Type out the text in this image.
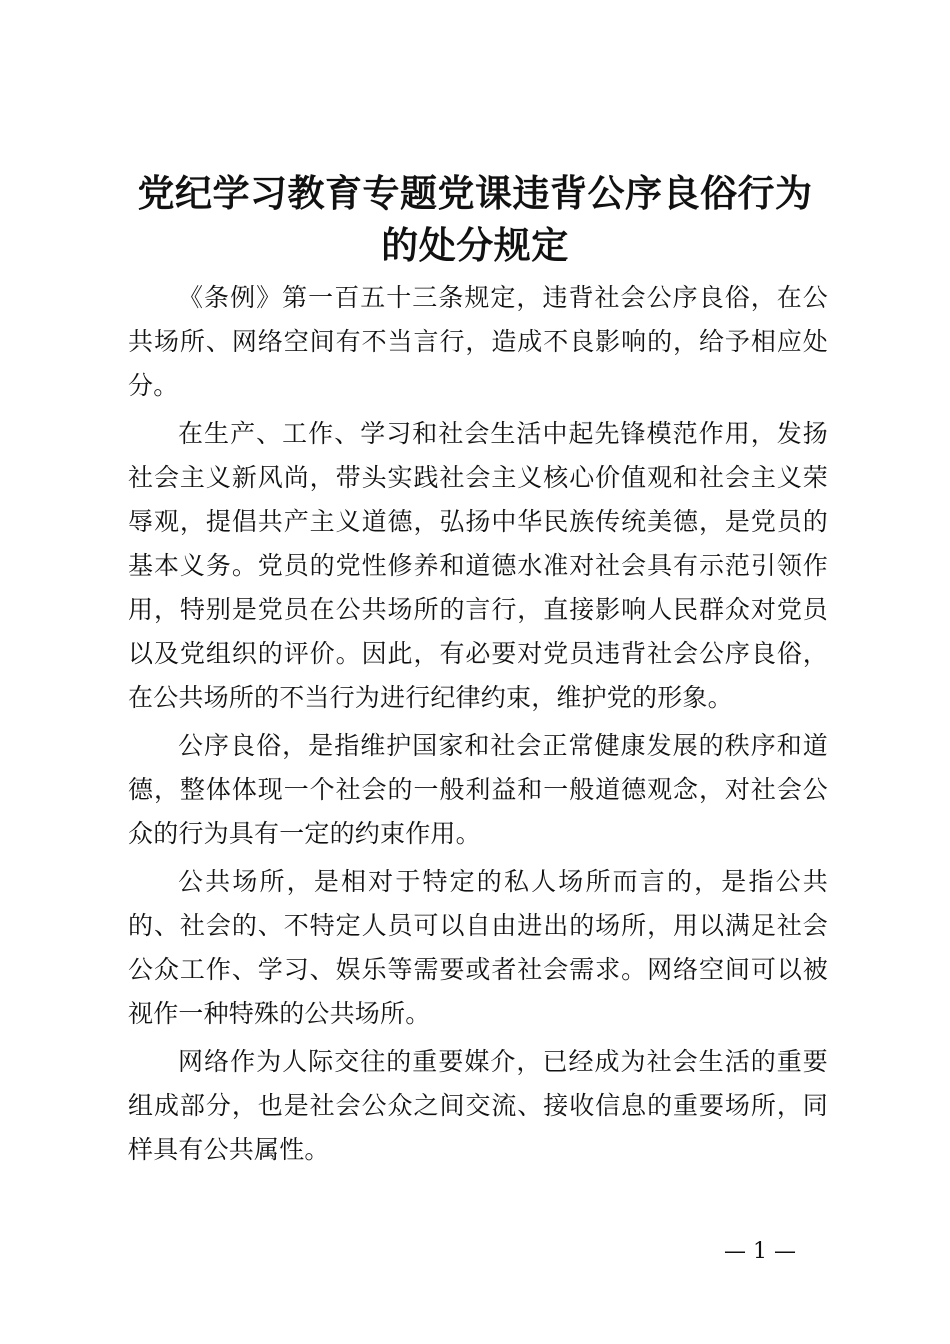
党纪学习教育专题党课违背公序良俗行为的处分规定

《条例》第一百五十三条规定，违背社会公序良俗，在公共场所、网络空间有不当言行，造成不良影响的，给予相应处分。

在生产、工作、学习和社会生活中起先锋模范作用，发扬社会主义新风尚，带头实践社会主义核心价值观和社会主义荣辱观，提倡共产主义道德，弘扬中华民族传统美德，是党员的基本义务。党员的党性修养和道德水准对社会具有示范引领作用，特别是党员在公共场所的言行，直接影响人民群众对党员以及党组织的评价。因此，有必要对党员违背社会公序良俗，在公共场所的不当行为进行纪律约束，维护党的形象。

公序良俗，是指维护国家和社会正常健康发展的秩序和道德，整体体现一个社会的一般利益和一般道德观念，对社会公众的行为具有一定的约束作用。

公共场所，是相对于特定的私人场所而言的，是指公共的、社会的、不特定人员可以自由进出的场所，用以满足社会公众工作、学习、娱乐等需要或者社会需求。网络空间可以被视作一种特殊的公共场所。

网络作为人际交往的重要媒介，已经成为社会生活的重要组成部分，也是社会公众之间交流、接收信息的重要场所，同样具有公共属性。

— 1 —
